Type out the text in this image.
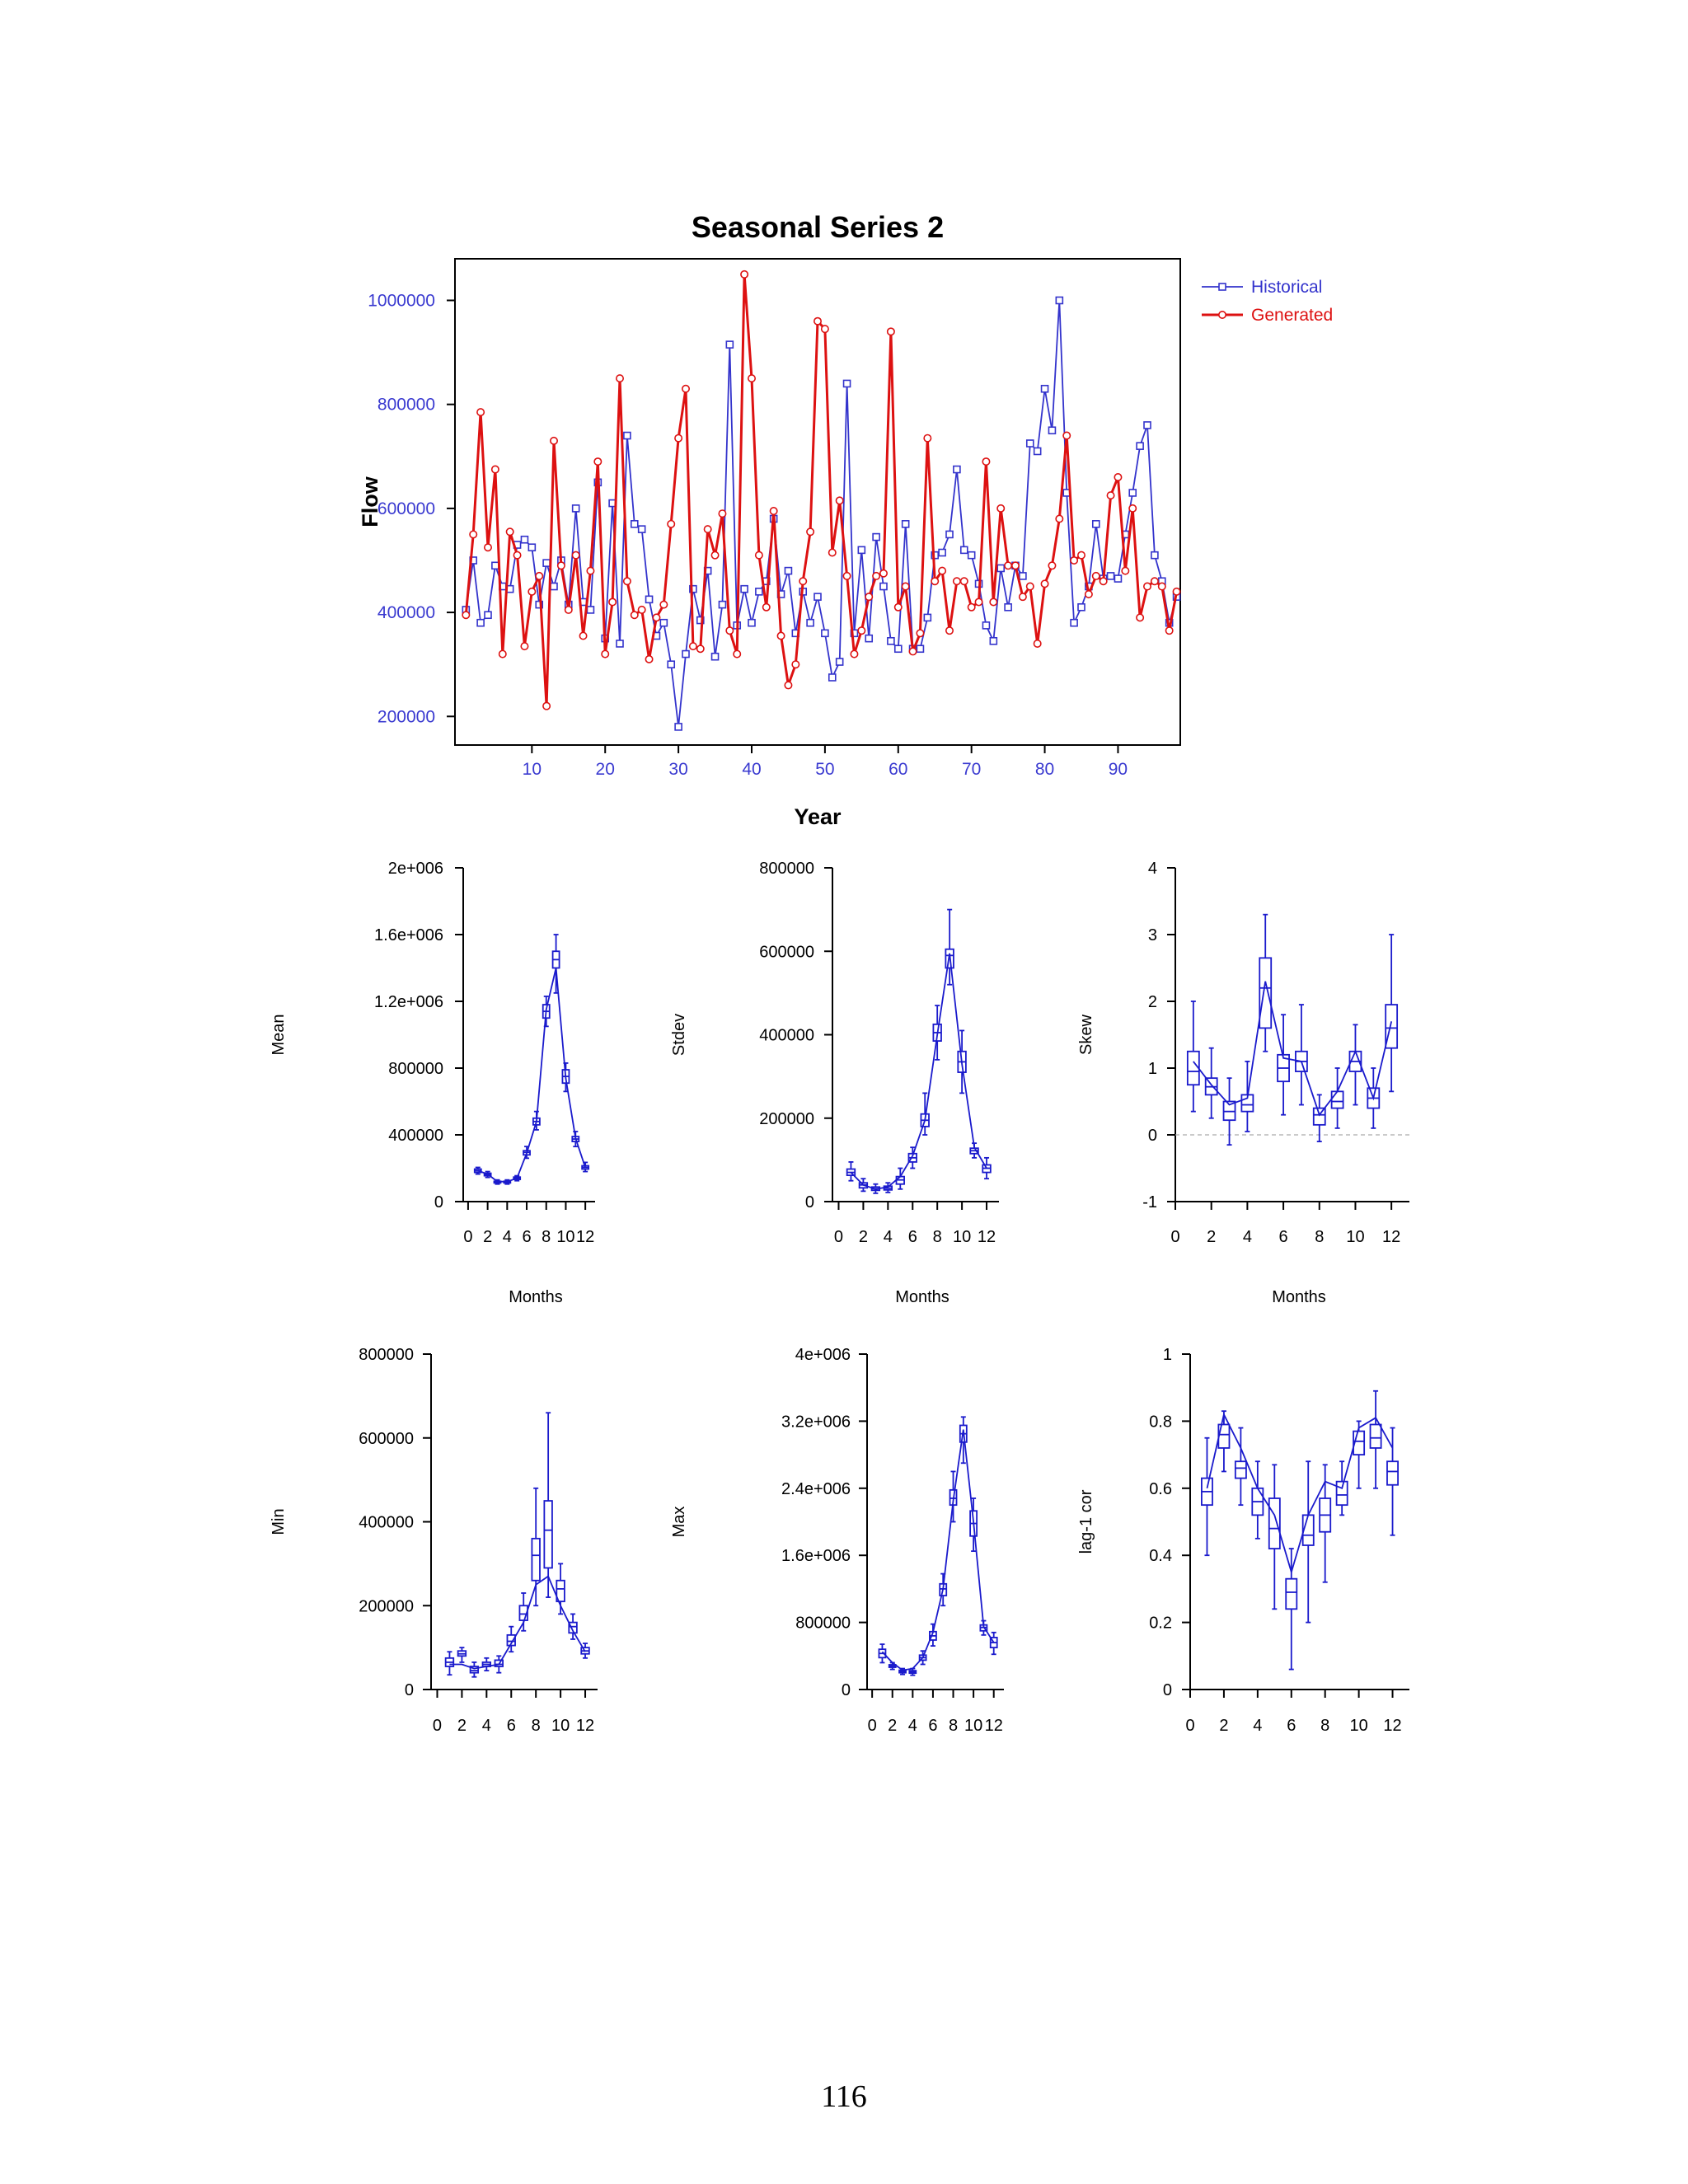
Seasonal Series 2
10	20	30	40	50	60	70	80	90
200000
400000
600000
800000
1000000
Year
Flow
Historical
Generated
0
400000
800000
1.2e+006
1.6e+006
2e+006
0 2 4 6 8 10 12
Mean
Months
0
200000
400000
600000
800000
0 2 4 6 8 10 12
Stdev
Months
-1
0
1
2
3
4
0 2 4 6 8 10 12
Skew
Months
0
200000
400000
600000
800000
0 2 4 6 8 10 12
Min
0
800000
1.6e+006
2.4e+006
3.2e+006
4e+006
0 2 4 6 8 10 12
Max
0
0.2
0.4
0.6
0.8
1
0 2 4 6 8 10 12
lag-1 cor
116
